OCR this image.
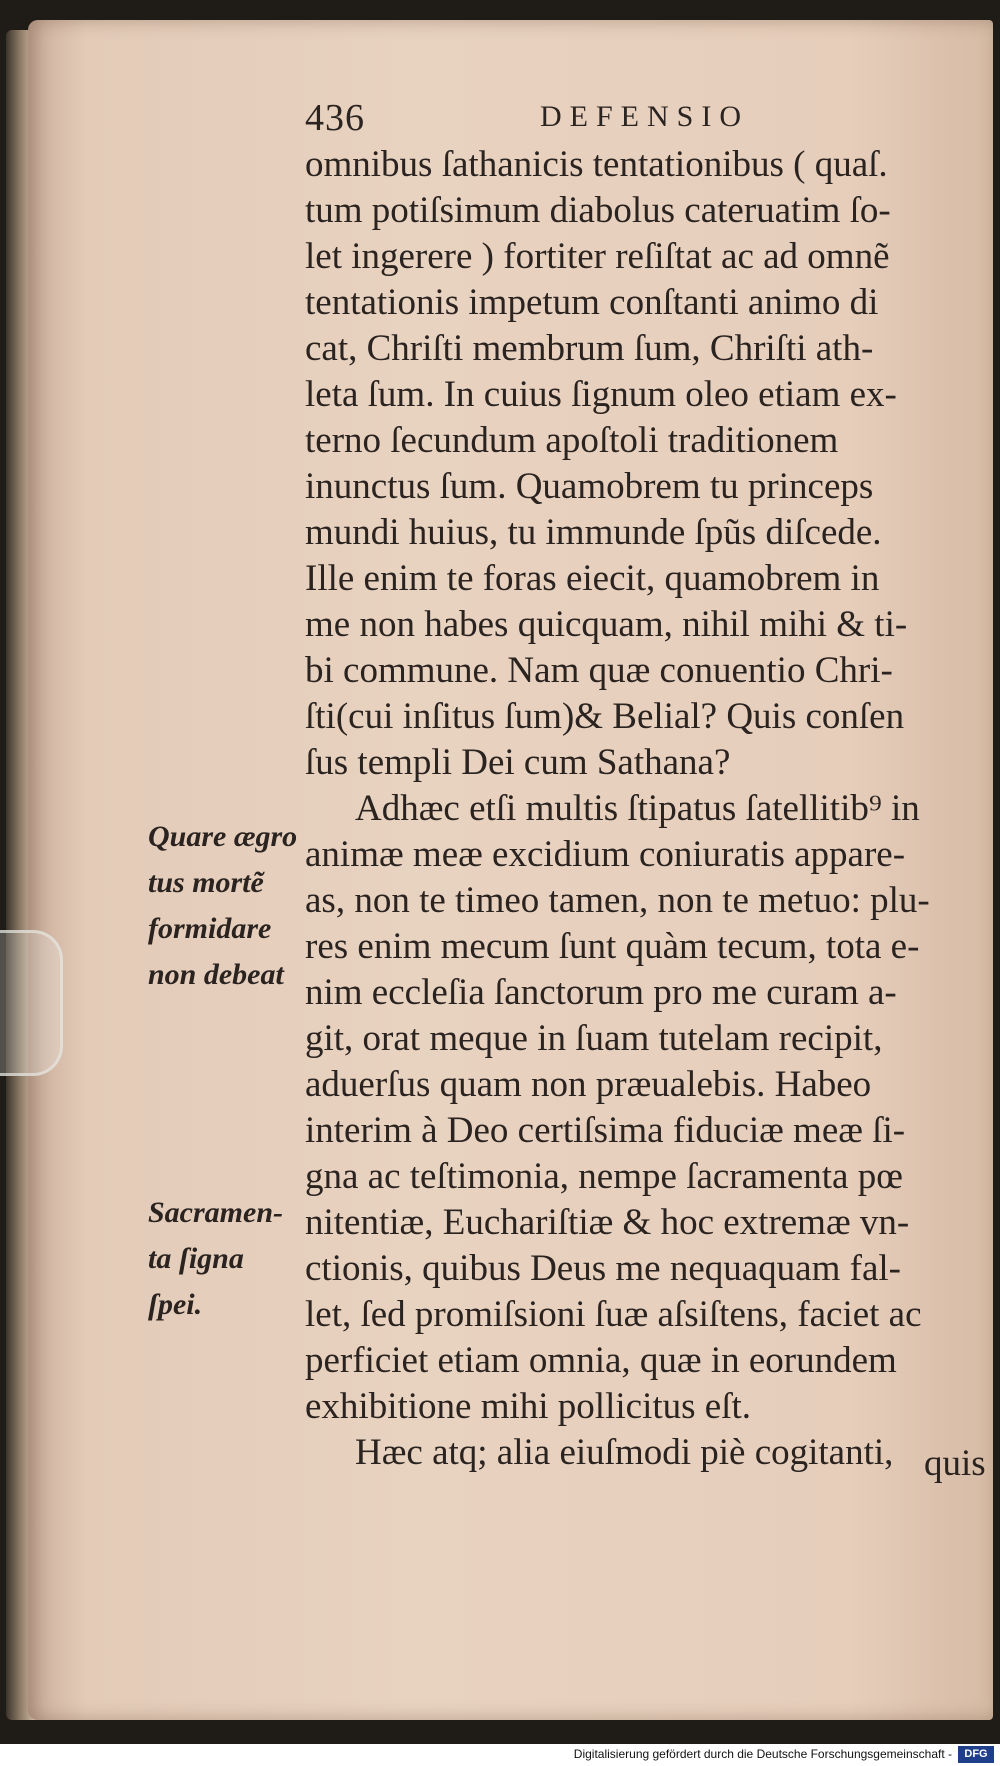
436	DEFENSIO
omnibus ſathanicis tentationibus ( quaſ.
tum potiſsimum diabolus cateruatim ſo-
let ingerere ) fortiter reſiſtat ac ad omnẽ
tentationis impetum conſtanti animo di
cat, Chriſti membrum ſum, Chriſti ath-
leta ſum. In cuius ſignum oleo etiam ex-
terno ſecundum apoſtoli traditionem
inunctus ſum. Quamobrem tu princeps
mundi huius, tu immunde ſpũs diſcede.
Ille enim te foras eiecit, quamobrem in
me non habes quicquam, nihil mihi & ti-
bi commune. Nam quæ conuentio Chri-
ſti(cui inſitus ſum)& Belial? Quis conſen
ſus templi Dei cum Sathana?
Adhæc etſi multis ſtipatus ſatellitib⁹ in
animæ meæ excidium coniuratis appare-
as, non te timeo tamen, non te metuo: plu-
res enim mecum ſunt quàm tecum, tota e-
nim eccleſia ſanctorum pro me curam a-
git, orat meque in ſuam tutelam recipit,
aduerſus quam non præualebis. Habeo
interim à Deo certiſsima fiduciæ meæ ſi-
gna ac teſtimonia, nempe ſacramenta pœ
nitentiæ, Euchariſtiæ & hoc extremæ vn-
ctionis, quibus Deus me nequaquam fal-
let, ſed promiſsioni ſuæ aſsiſtens, faciet ac
perficiet etiam omnia, quæ in eorundem
exhibitione mihi pollicitus eſt.
Hæc atq; alia eiuſmodi piè cogitanti, quis
Quare ægro
tus mortẽ
formidare
non debeat
Sacramen-
ta ſigna
ſpei.
Digitalisierung gefördert durch die Deutsche Forschungsgemeinschaft -	DFG
